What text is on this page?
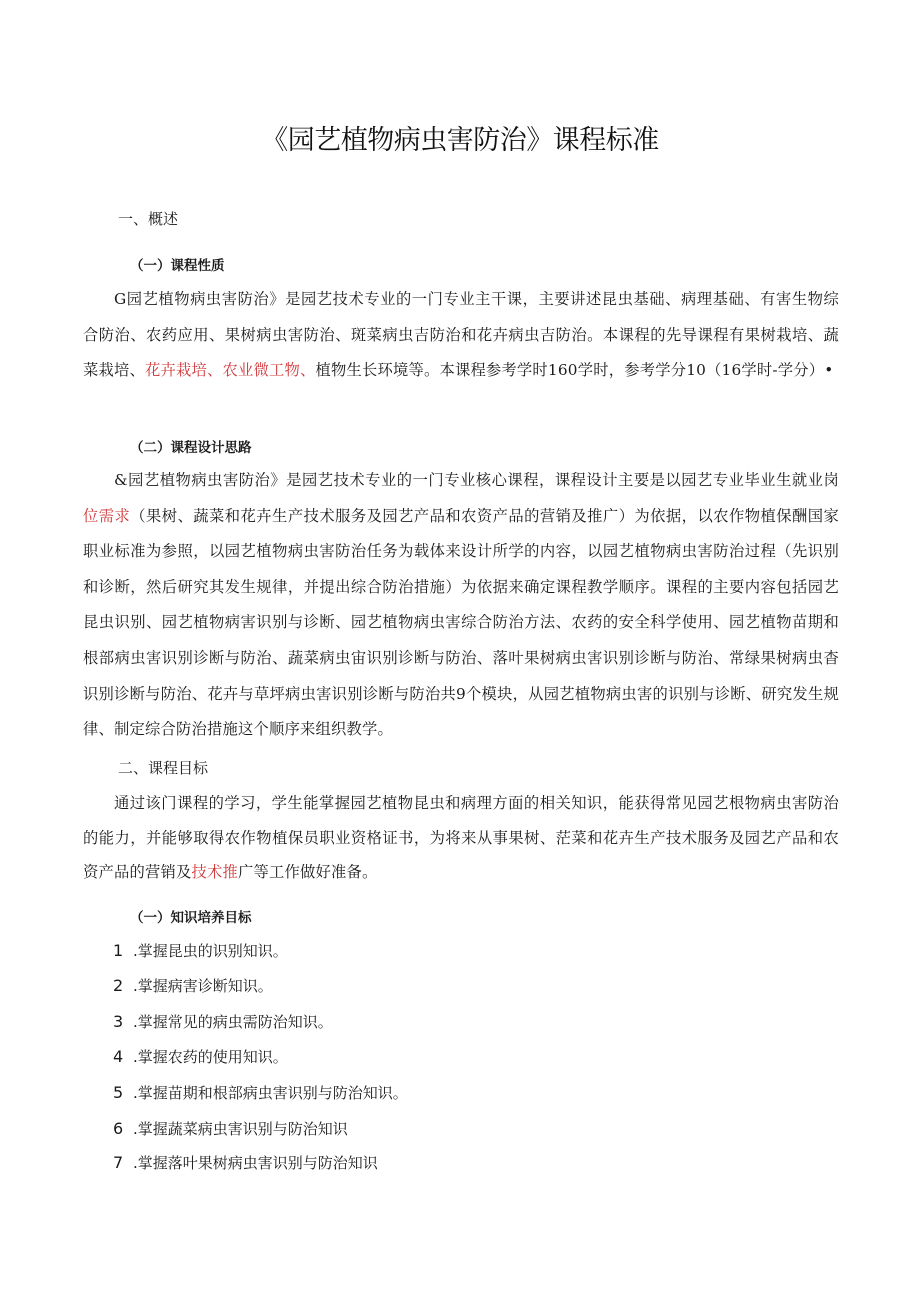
《园艺植物病虫害防治》课程标准
一、概述
（一）课程性质

G园艺植物病虫害防治》是园艺技术专业的一门专业主干课，主要讲述昆虫基础、病理基础、有害生物综合防治、农药应用、果树病虫害防治、斑菜病虫吉防治和花卉病虫吉防治。本课程的先导课程有果树栽培、蔬菜栽培、花卉栽培、农业微工物、植物生长环境等。本课程参考学时160学时，参考学分10（16学时-学分）•

（二）课程设计思路

&园艺植物病虫害防治》是园艺技术专业的一门专业核心课程，课程设计主要是以园艺专业毕业生就业岗位需求（果树、蔬菜和花卉生产技术服务及园艺产品和农资产品的营销及推广）为依据，以农作物植保酬国家职业标准为参照，以园艺植物病虫害防治任务为载体来设计所学的内容，以园艺植物病虫害防治过程（先识别和诊断，然后研究其发生规律，并提出综合防治措施）为依据来确定课程教学顺序。课程的主要内容包括园艺昆虫识别、园艺植物病害识别与诊断、园艺植物病虫害综合防治方法、农药的安全科学使用、园艺植物苗期和根部病虫害识别诊断与防治、蔬菜病虫宙识别诊断与防治、落叶果树病虫害识别诊断与防治、常绿果树病虫杳识别诊断与防治、花卉与草坪病虫害识别诊断与防治共9个模块，从园艺植物病虫害的识别与诊断、研究发生规律、制定综合防治措施这个顺序来组织教学。

二、课程目标

通过该门课程的学习，学生能掌握园艺植物昆虫和病理方面的相关知识，能获得常见园艺根物病虫害防治的能力，并能够取得农作物植保员职业资格证书，为将来从事果树、茫菜和花卉生产技术服务及园艺产品和农资产品的营销及技术推广等工作做好准备。

（一）知识培养目标
1 .掌握昆虫的识别知识。
2 .掌握病害诊断知识。
3 .掌握常见的病虫需防治知识。
4 .掌握农药的使用知识。
5 .掌握苗期和根部病虫害识别与防治知识。
6 .掌握蔬菜病虫害识别与防治知识
7 .掌握落叶果树病虫害识别与防治知识
